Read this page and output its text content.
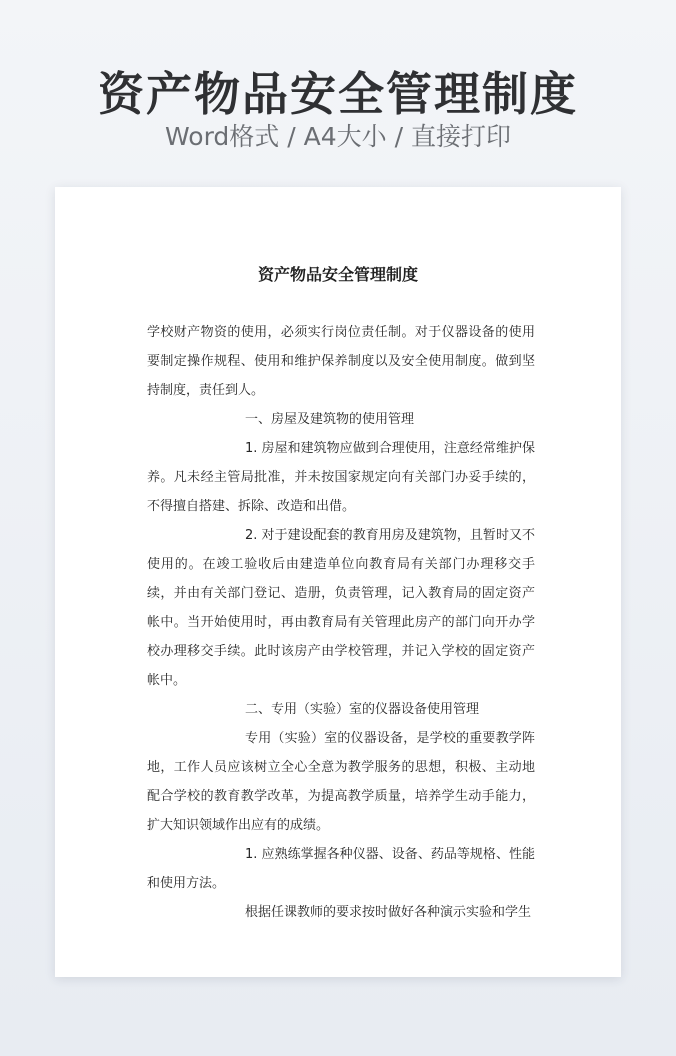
资产物品安全管理制度
Word格式 / A4大小 / 直接打印
资产物品安全管理制度

学校财产物资的使用，必须实行岗位责任制。对于仪器设备的使用要制定操作规程、使用和维护保养制度以及安全使用制度。做到坚持制度，责任到人。

一、房屋及建筑物的使用管理

1. 房屋和建筑物应做到合理使用，注意经常维护保养。凡未经主管局批准，并未按国家规定向有关部门办妥手续的，不得擅自搭建、拆除、改造和出借。

2. 对于建设配套的教育用房及建筑物，且暂时又不使用的。在竣工验收后由建造单位向教育局有关部门办理移交手续，并由有关部门登记、造册，负责管理，记入教育局的固定资产帐中。当开始使用时，再由教育局有关管理此房产的部门向开办学校办理移交手续。此时该房产由学校管理，并记入学校的固定资产帐中。

二、专用（实验）室的仪器设备使用管理

专用（实验）室的仪器设备，是学校的重要教学阵地，工作人员应该树立全心全意为教学服务的思想，积极、主动地配合学校的教育教学改革，为提高教学质量，培养学生动手能力，扩大知识领域作出应有的成绩。

1. 应熟练掌握各种仪器、设备、药品等规格、性能和使用方法。

根据任课教师的要求按时做好各种演示实验和学生
